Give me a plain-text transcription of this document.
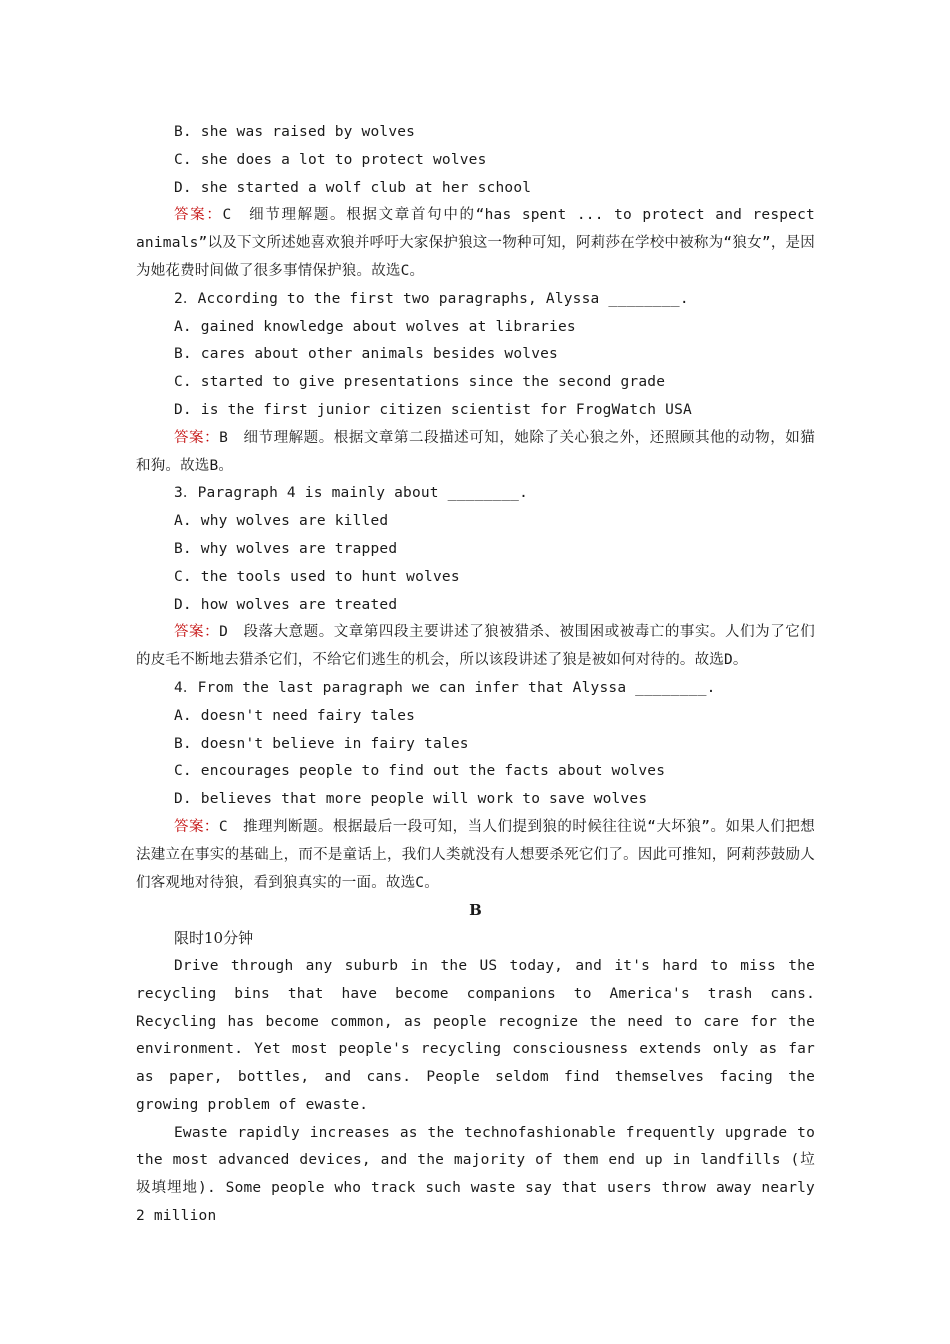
B. she was raised by wolves
C. she does a lot to protect wolves
D. she started a wolf club at her school

答案：C　细节理解题。根据文章首句中的“has spent ... to protect and respect animals”以及下文所述她喜欢狼并呼吁大家保护狼这一物种可知，阿莉莎在学校中被称为“狼女”，是因为她花费时间做了很多事情保护狼。故选C。

2．According to the first two paragraphs, Alyssa ________.
A. gained knowledge about wolves at libraries
B. cares about other animals besides wolves
C. started to give presentations since the second grade
D. is the first junior citizen scientist for FrogWatch USA

答案：B　细节理解题。根据文章第二段描述可知，她除了关心狼之外，还照顾其他的动物，如猫和狗。故选B。

3．Paragraph 4 is mainly about ________.
A. why wolves are killed
B. why wolves are trapped
C. the tools used to hunt wolves
D. how wolves are treated

答案：D　段落大意题。文章第四段主要讲述了狼被猎杀、被围困或被毒亡的事实。人们为了它们的皮毛不断地去猎杀它们，不给它们逃生的机会，所以该段讲述了狼是被如何对待的。故选D。

4．From the last paragraph we can infer that Alyssa ________.
A. doesn't need fairy tales
B. doesn't believe in fairy tales
C. encourages people to find out the facts about wolves
D. believes that more people will work to save wolves

答案：C　推理判断题。根据最后一段可知，当人们提到狼的时候往往说“大坏狼”。如果人们把想法建立在事实的基础上，而不是童话上，我们人类就没有人想要杀死它们了。因此可推知，阿莉莎鼓励人们客观地对待狼，看到狼真实的一面。故选C。

B

限时10分钟

Drive through any suburb in the US today, and it's hard to miss the recycling bins that have become companions to America's trash cans. Recycling has become common, as people recognize the need to care for the environment. Yet most people's recycling consciousness extends only as far as paper, bottles, and cans. People seldom find themselves facing the growing problem of ewaste.

Ewaste rapidly increases as the technofashionable frequently upgrade to the most advanced devices, and the majority of them end up in landfills (垃圾填埋地). Some people who track such waste say that users throw away nearly 2 million
